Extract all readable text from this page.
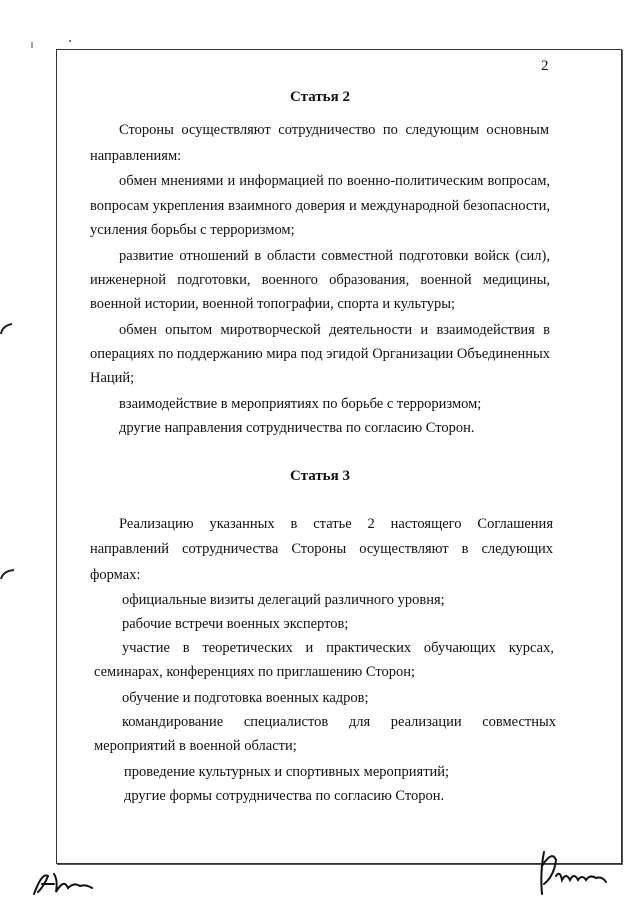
2
Статья 2
Стороны осуществляют сотрудничество по следующим основным
направлениям:
обмен мнениями и информацией по военно-политическим вопросам,
вопросам укрепления взаимного доверия и международной безопасности,
усиления борьбы с терроризмом;
развитие отношений в области совместной подготовки войск (сил),
инженерной подготовки, военного образования, военной медицины,
военной истории, военной топографии, спорта и культуры;
обмен опытом миротворческой деятельности и взаимодействия в
операциях по поддержанию мира под эгидой Организации Объединенных
Наций;
взаимодействие в мероприятиях по борьбе с терроризмом;
другие направления сотрудничества по согласию Сторон.
Статья 3
Реализацию указанных в статье 2 настоящего Соглашения
направлений сотрудничества Стороны осуществляют в следующих
формах:
официальные визиты делегаций различного уровня;
рабочие встречи военных экспертов;
участие в теоретических и практических обучающих курсах,
семинарах, конференциях по приглашению Сторон;
обучение и подготовка военных кадров;
командирование специалистов для реализации совместных
мероприятий в военной области;
проведение культурных и спортивных мероприятий;
другие формы сотрудничества по согласию Сторон.
